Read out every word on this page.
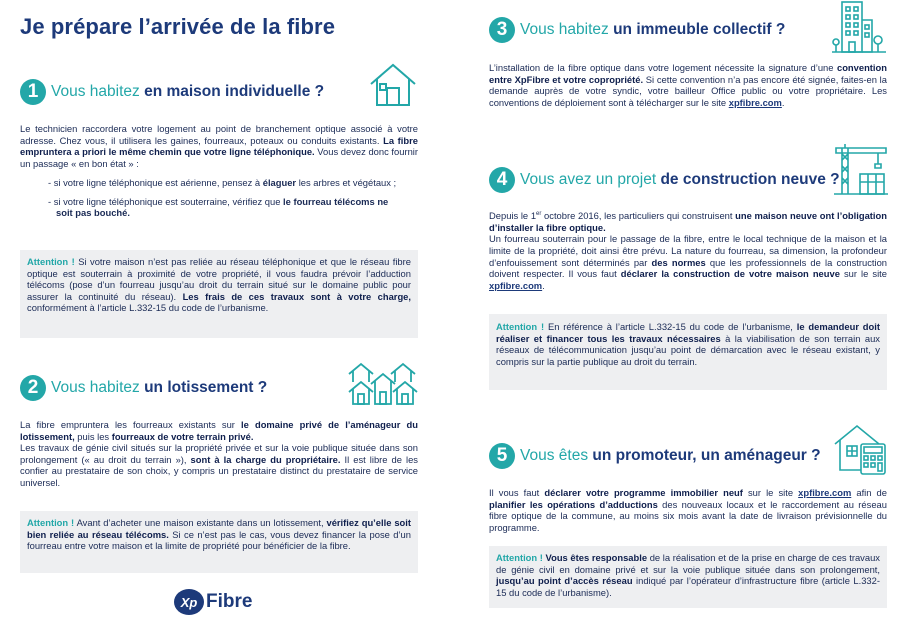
Je prépare l’arrivée de la fibre
1 Vous habitez en maison individuelle ?
Le technicien raccordera votre logement au point de branchement optique associé à votre adresse. Chez vous, il utilisera les gaines, fourreaux, poteaux ou conduits existants. La fibre empruntera a priori le même chemin que votre ligne téléphonique. Vous devez donc fournir un passage « en bon état » :
- si votre ligne téléphonique est aérienne, pensez à élaguer les arbres et végétaux ;
- si votre ligne téléphonique est souterraine, vérifiez que le fourreau télécoms ne soit pas bouché.
Attention ! Si votre maison n’est pas reliée au réseau téléphonique et que le réseau fibre optique est souterrain à proximité de votre propriété, il vous faudra prévoir l’adduction télécoms (pose d’un fourreau jusqu’au droit du terrain situé sur le domaine public pour assurer la continuité du réseau). Les frais de ces travaux sont à votre charge, conformément à l’article L.332-15 du code de l’urbanisme.
2 Vous habitez un lotissement ?
La fibre empruntera les fourreaux existants sur le domaine privé de l’aménageur du lotissement, puis les fourreaux de votre terrain privé.
Les travaux de génie civil situés sur la propriété privée et sur la voie publique située dans son prolongement (« au droit du terrain »), sont à la charge du propriétaire. Il est libre de les confier au prestataire de son choix, y compris un prestataire distinct du prestataire de service universel.
Attention ! Avant d’acheter une maison existante dans un lotissement, vérifiez qu’elle soit bien reliée au réseau télécoms. Si ce n’est pas le cas, vous devez financer la pose d’un fourreau entre votre maison et la limite de propriété pour bénéficier de la fibre.
Xp Fibre
3 Vous habitez un immeuble collectif ?
L’installation de la fibre optique dans votre logement nécessite la signature d’une convention entre XpFibre et votre copropriété. Si cette convention n’a pas encore été signée, faites-en la demande auprès de votre syndic, votre bailleur Office public ou votre propriétaire. Les conventions de déploiement sont à télécharger sur le site xpfibre.com.
4 Vous avez un projet de construction neuve ?
Depuis le 1er octobre 2016, les particuliers qui construisent une maison neuve ont l’obligation d’installer la fibre optique.
Un fourreau souterrain pour le passage de la fibre, entre le local technique de la maison et la limite de la propriété, doit ainsi être prévu. La nature du fourreau, sa dimension, la profondeur d’enfouissement sont déterminés par des normes que les professionnels de la construction doivent respecter. Il vous faut déclarer la construction de votre maison neuve sur le site xpfibre.com.
Attention ! En référence à l’article L.332-15 du code de l’urbanisme, le demandeur doit réaliser et financer tous les travaux nécessaires à la viabilisation de son terrain aux réseaux de télécommunication jusqu’au point de démarcation avec le réseau existant, y compris sur la partie publique au droit du terrain.
5 Vous êtes un promoteur, un aménageur ?
Il vous faut déclarer votre programme immobilier neuf sur le site xpfibre.com afin de planifier les opérations d’adductions des nouveaux locaux et le raccordement au réseau fibre optique de la commune, au moins six mois avant la date de livraison prévisionnelle du programme.
Attention ! Vous êtes responsable de la réalisation et de la prise en charge de ces travaux de génie civil en domaine privé et sur la voie publique située dans son prolongement, jusqu’au point d’accès réseau indiqué par l’opérateur d’infrastructure fibre (article L.332-15 du code de l’urbanisme).
